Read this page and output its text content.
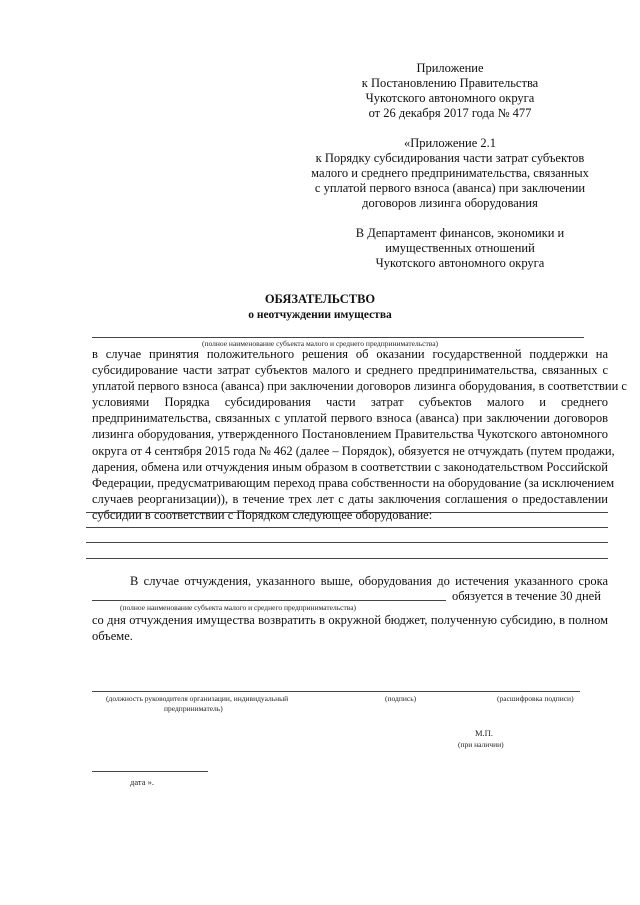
Приложение
к Постановлению Правительства
Чукотского автономного округа
от 26 декабря 2017 года № 477
«Приложение 2.1
к Порядку субсидирования части затрат субъектов
малого и среднего предпринимательства, связанных
с уплатой первого взноса (аванса) при заключении
договоров лизинга оборудования
В Департамент финансов, экономики и
имущественных отношений
Чукотского автономного округа
ОБЯЗАТЕЛЬСТВО
о неотчуждении имущества
(полное наименование субъекта малого и среднего предпринимательства)
в случае принятия положительного решения об оказании государственной поддержки на
субсидирование части затрат субъектов малого и среднего предпринимательства, связанных с
уплатой первого взноса (аванса) при заключении договоров лизинга оборудования, в соответствии с
условиями Порядка субсидирования части затрат субъектов малого и среднего
предпринимательства, связанных с уплатой первого взноса (аванса) при заключении договоров
лизинга оборудования, утвержденного Постановлением Правительства Чукотского автономного
округа от 4 сентября 2015 года № 462 (далее – Порядок), обязуется не отчуждать (путем продажи,
дарения, обмена или отчуждения иным образом в соответствии с законодательством Российской
Федерации, предусматривающим переход права собственности на оборудование (за исключением
случаев реорганизации)), в течение трех лет с даты заключения соглашения о предоставлении
субсидии в соответствии с Порядком следующее оборудование:
В случае отчуждения, указанного выше, оборудования до истечения указанного срока
обязуется в течение 30 дней
(полное наименование субъекта малого и среднего предпринимательства)
со дня отчуждения имущества возвратить в окружной бюджет, полученную субсидию, в полном
объеме.
(должность руководителя организации, индивидуальный
предприниматель)
(подпись)	(расшифровка подписи)
М.П.
(при наличии)
дата ».
